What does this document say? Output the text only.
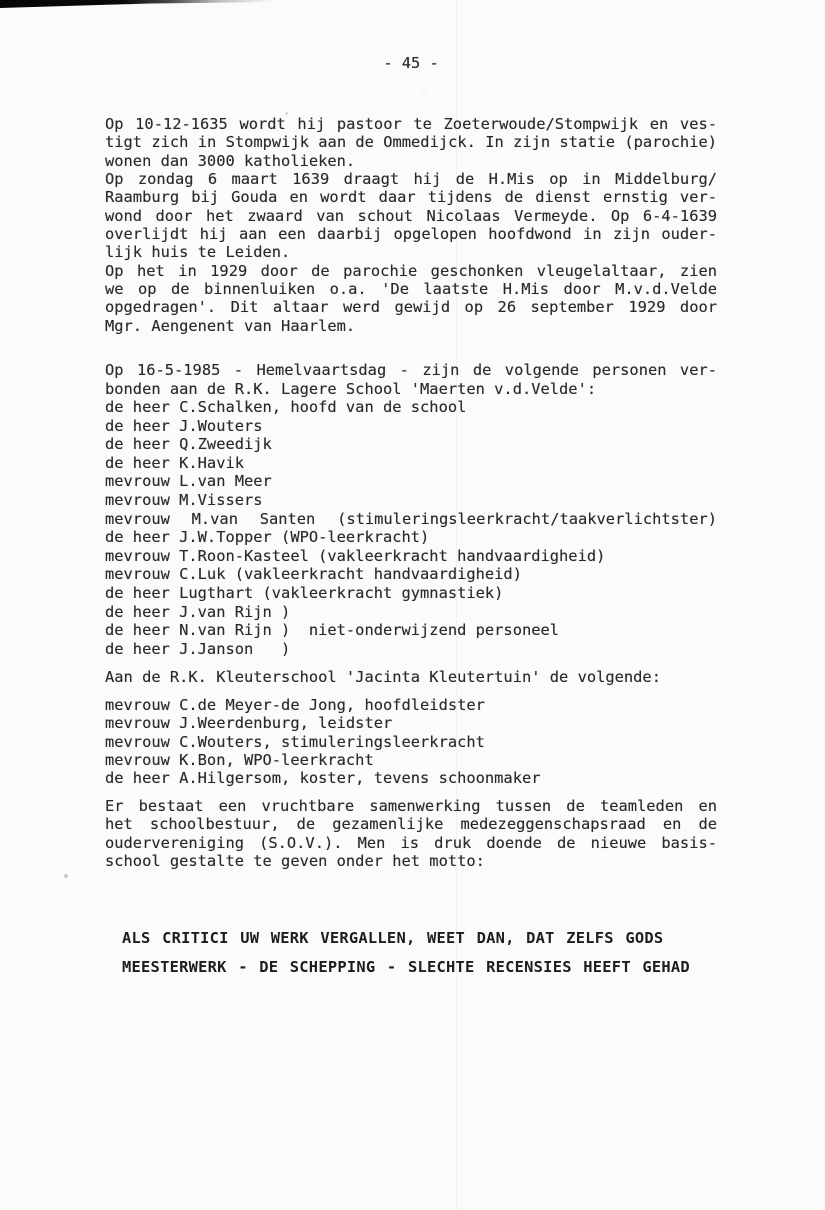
- 45 -
Op 10-12-1635 wordt hij pastoor te Zoeterwoude/Stompwijk en ves-
tigt zich in Stompwijk aan de Ommedijck. In zijn statie (parochie)
wonen dan 3000 katholieken.
Op zondag 6 maart 1639 draagt hij de H.Mis op in Middelburg/
Raamburg bij Gouda en wordt daar tijdens de dienst ernstig ver-
wond door het zwaard van schout Nicolaas Vermeyde. Op 6-4-1639
overlijdt hij aan een daarbij opgelopen hoofdwond in zijn ouder-
lijk huis te Leiden.
Op het in 1929 door de parochie geschonken vleugelaltaar, zien
we op de binnenluiken o.a. 'De laatste H.Mis door M.v.d.Velde
opgedragen'. Dit altaar werd gewijd op 26 september 1929 door
Mgr. Aengenent van Haarlem.
Op 16-5-1985 - Hemelvaartsdag - zijn de volgende personen ver-
bonden aan de R.K. Lagere School 'Maerten v.d.Velde':
de heer C.Schalken, hoofd van de school
de heer J.Wouters
de heer Q.Zweedijk
de heer K.Havik
mevrouw L.van Meer
mevrouw M.Vissers
mevrouw M.van Santen (stimuleringsleerkracht/taakverlichtster)
de heer J.W.Topper (WPO-leerkracht)
mevrouw T.Roon-Kasteel (vakleerkracht handvaardigheid)
mevrouw C.Luk (vakleerkracht handvaardigheid)
de heer Lugthart (vakleerkracht gymnastiek)
de heer J.van Rijn )
de heer N.van Rijn )  niet-onderwijzend personeel
de heer J.Janson   )
Aan de R.K. Kleuterschool 'Jacinta Kleutertuin' de volgende:
mevrouw C.de Meyer-de Jong, hoofdleidster
mevrouw J.Weerdenburg, leidster
mevrouw C.Wouters, stimuleringsleerkracht
mevrouw K.Bon, WPO-leerkracht
de heer A.Hilgersom, koster, tevens schoonmaker
Er bestaat een vruchtbare samenwerking tussen de teamleden en
het schoolbestuur, de gezamenlijke medezeggenschapsraad en de
oudervereniging (S.O.V.). Men is druk doende de nieuwe basis-
school gestalte te geven onder het motto:
ALS CRITICI UW WERK VERGALLEN, WEET DAN, DAT ZELFS GODS
MEESTERWERK - DE SCHEPPING - SLECHTE RECENSIES HEEFT GEHAD
